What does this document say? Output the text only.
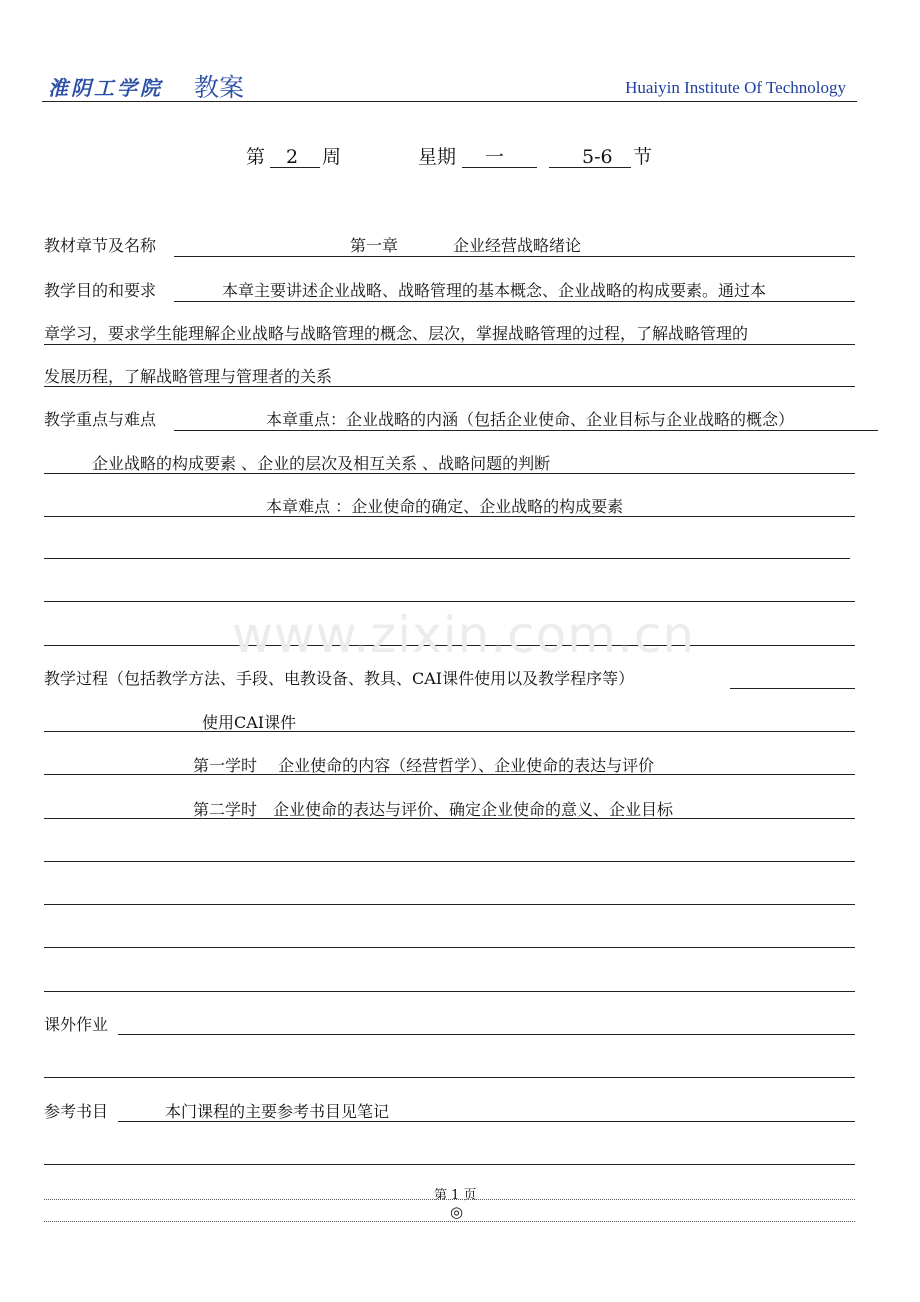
淮阴工学院 教案	Huaiyin Institute Of Technology
第 2 周	星期 一	5-6 节
教材章节及名称	第一章	企业经营战略绪论
教学目的和要求	本章主要讲述企业战略、战略管理的基本概念、企业战略的构成要素。通过本
章学习，要求学生能理解企业战略与战略管理的概念、层次，掌握战略管理的过程，了解战略管理的
发展历程，了解战略管理与管理者的关系
教学重点与难点	本章重点：企业战略的内涵（包括企业使命、企业目标与企业战略的概念）
企业战略的构成要素 、企业的层次及相互关系 、战略问题的判断
本章难点 ：企业使命的确定、企业战略的构成要素
www.zixin.com.cn
教学过程（包括教学方法、手段、电教设备、教具、CAI课件使用以及教学程序等）
使用CAI课件
第一学时　 企业使命的内容（经营哲学）、企业使命的表达与评价
第二学时　企业使命的表达与评价、确定企业使命的意义、企业目标
课外作业
参考书目	本门课程的主要参考书目见笔记
第 1 页
◎
